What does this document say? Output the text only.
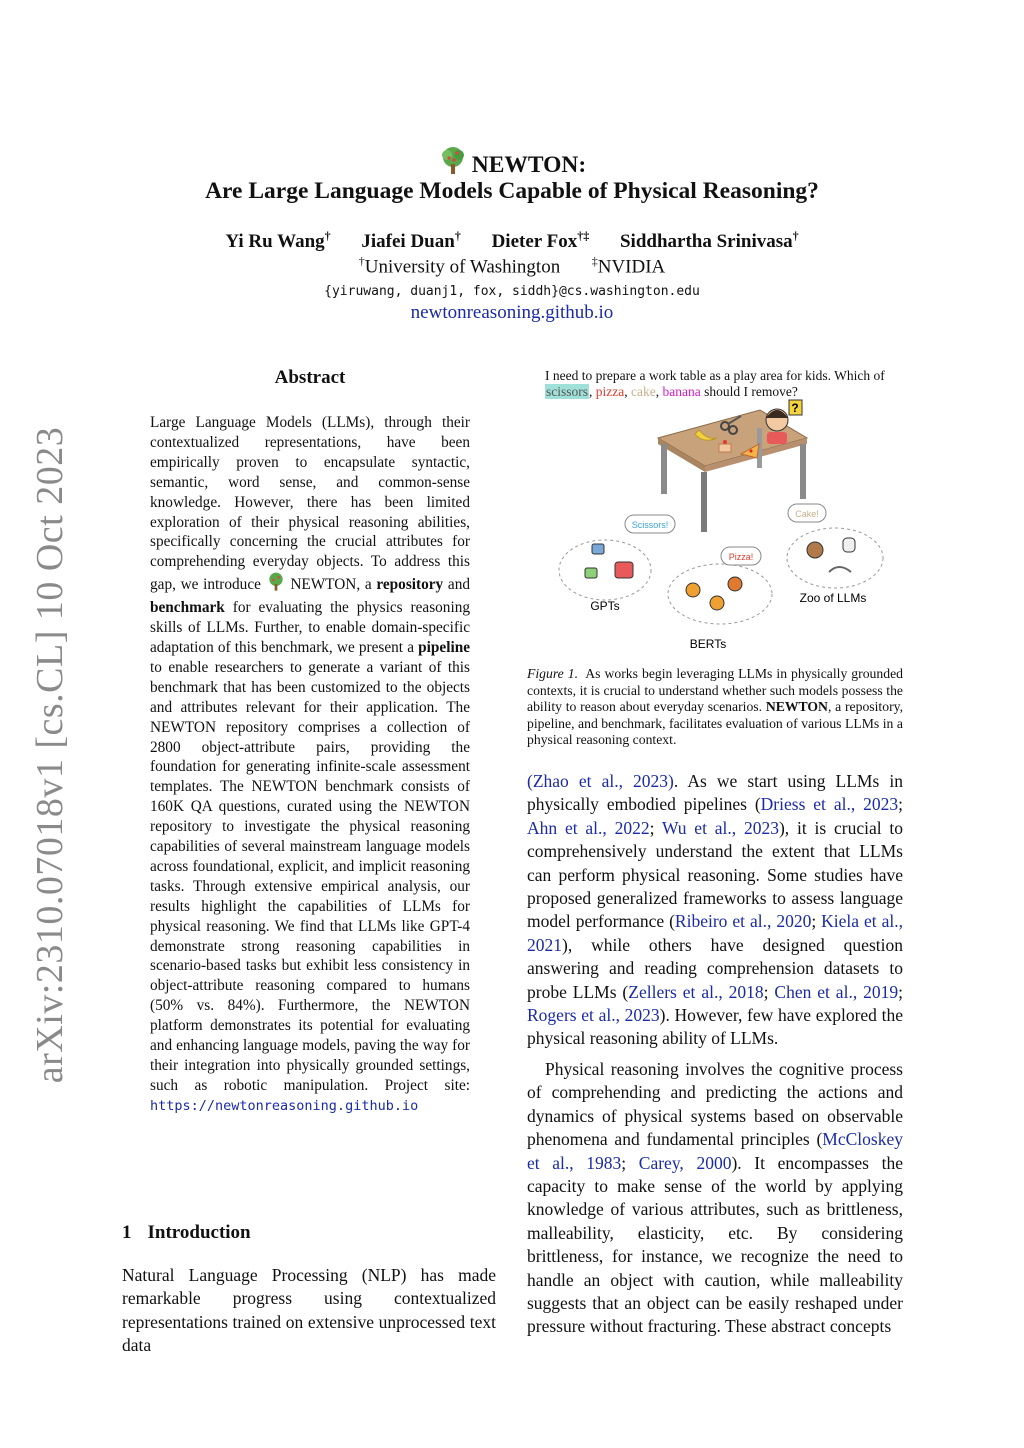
arXiv:2310.07018v1 [cs.CL] 10 Oct 2023
NEWTON:
Are Large Language Models Capable of Physical Reasoning?
Yi Ru Wang† Jiafei Duan† Dieter Fox†‡ Siddhartha Srinivasa†
†University of Washington	‡NVIDIA
{yiruwang, duanj1, fox, siddh}@cs.washington.edu
newtonreasoning.github.io
Abstract
Large Language Models (LLMs), through their contextualized representations, have been empirically proven to encapsulate syntactic, semantic, word sense, and common-sense knowledge. However, there has been limited exploration of their physical reasoning abilities, specifically concerning the crucial attributes for comprehending everyday objects. To address this gap, we introduce NEWTON, a repository and benchmark for evaluating the physics reasoning skills of LLMs. Further, to enable domain-specific adaptation of this benchmark, we present a pipeline to enable researchers to generate a variant of this benchmark that has been customized to the objects and attributes relevant for their application. The NEWTON repository comprises a collection of 2800 object-attribute pairs, providing the foundation for generating infinite-scale assessment templates. The NEWTON benchmark consists of 160K QA questions, curated using the NEWTON repository to investigate the physical reasoning capabilities of several mainstream language models across foundational, explicit, and implicit reasoning tasks. Through extensive empirical analysis, our results highlight the capabilities of LLMs for physical reasoning. We find that LLMs like GPT-4 demonstrate strong reasoning capabilities in scenario-based tasks but exhibit less consistency in object-attribute reasoning compared to humans (50% vs. 84%). Furthermore, the NEWTON platform demonstrates its potential for evaluating and enhancing language models, paving the way for their integration into physically grounded settings, such as robotic manipulation. Project site: https://newtonreasoning.github.io
1 Introduction
Natural Language Processing (NLP) has made remarkable progress using contextualized representations trained on extensive unprocessed text data
I need to prepare a work table as a play area for kids. Which of
scissors, pizza, cake, banana should I remove?
?
Scissors!
GPTs
Pizza!
BERTs
Cake!
Zoo of LLMs
Figure 1. As works begin leveraging LLMs in physically grounded contexts, it is crucial to understand whether such models possess the ability to reason about everyday scenarios. NEWTON, a repository, pipeline, and benchmark, facilitates evaluation of various LLMs in a physical reasoning context.

(Zhao et al., 2023). As we start using LLMs in physically embodied pipelines (Driess et al., 2023; Ahn et al., 2022; Wu et al., 2023), it is crucial to comprehensively understand the extent that LLMs can perform physical reasoning. Some studies have proposed generalized frameworks to assess language model performance (Ribeiro et al., 2020; Kiela et al., 2021), while others have designed question answering and reading comprehension datasets to probe LLMs (Zellers et al., 2018; Chen et al., 2019; Rogers et al., 2023). However, few have explored the physical reasoning ability of LLMs.

Physical reasoning involves the cognitive process of comprehending and predicting the actions and dynamics of physical systems based on observable phenomena and fundamental principles (McCloskey et al., 1983; Carey, 2000). It encompasses the capacity to make sense of the world by applying knowledge of various attributes, such as brittleness, malleability, elasticity, etc. By considering brittleness, for instance, we recognize the need to handle an object with caution, while malleability suggests that an object can be easily reshaped under pressure without fracturing. These abstract concepts
